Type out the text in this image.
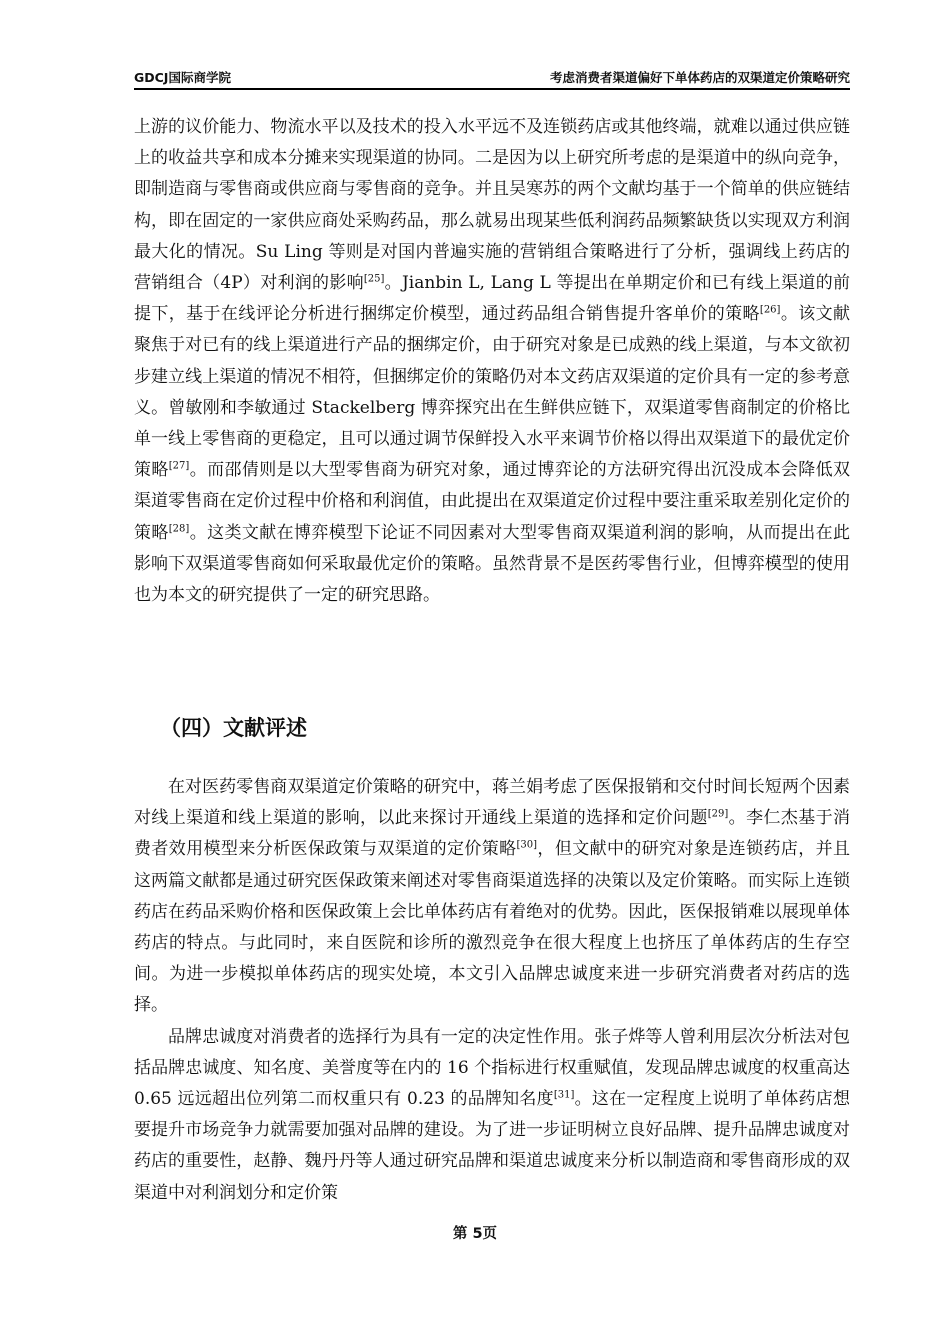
GDCJ国际商学院	考虑消费者渠道偏好下单体药店的双渠道定价策略研究

上游的议价能力、物流水平以及技术的投入水平远不及连锁药店或其他终端，就难以通过供应链上的收益共享和成本分摊来实现渠道的协同。二是因为以上研究所考虑的是渠道中的纵向竞争，即制造商与零售商或供应商与零售商的竞争。并且吴寒苏的两个文献均基于一个简单的供应链结构，即在固定的一家供应商处采购药品，那么就易出现某些低利润药品频繁缺货以实现双方利润最大化的情况。Su Ling 等则是对国内普遍实施的营销组合策略进行了分析，强调线上药店的营销组合（4P）对利润的影响[25]。Jianbin L, Lang L 等提出在单期定价和已有线上渠道的前提下，基于在线评论分析进行捆绑定价模型，通过药品组合销售提升客单价的策略[26]。该文献聚焦于对已有的线上渠道进行产品的捆绑定价，由于研究对象是已成熟的线上渠道，与本文欲初步建立线上渠道的情况不相符，但捆绑定价的策略仍对本文药店双渠道的定价具有一定的参考意义。曾敏刚和李敏通过 Stackelberg 博弈探究出在生鲜供应链下，双渠道零售商制定的价格比单一线上零售商的更稳定，且可以通过调节保鲜投入水平来调节价格以得出双渠道下的最优定价策略[27]。而邵倩则是以大型零售商为研究对象，通过博弈论的方法研究得出沉没成本会降低双渠道零售商在定价过程中价格和利润值，由此提出在双渠道定价过程中要注重采取差别化定价的策略[28]。这类文献在博弈模型下论证不同因素对大型零售商双渠道利润的影响，从而提出在此影响下双渠道零售商如何采取最优定价的策略。虽然背景不是医药零售行业，但博弈模型的使用也为本文的研究提供了一定的研究思路。

（四）文献评述

在对医药零售商双渠道定价策略的研究中，蒋兰娟考虑了医保报销和交付时间长短两个因素对线上渠道和线上渠道的影响，以此来探讨开通线上渠道的选择和定价问题[29]。李仁杰基于消费者效用模型来分析医保政策与双渠道的定价策略[30]，但文献中的研究对象是连锁药店，并且这两篇文献都是通过研究医保政策来阐述对零售商渠道选择的决策以及定价策略。而实际上连锁药店在药品采购价格和医保政策上会比单体药店有着绝对的优势。因此，医保报销难以展现单体药店的特点。与此同时，来自医院和诊所的激烈竞争在很大程度上也挤压了单体药店的生存空间。为进一步模拟单体药店的现实处境，本文引入品牌忠诚度来进一步研究消费者对药店的选择。

品牌忠诚度对消费者的选择行为具有一定的决定性作用。张子烨等人曾利用层次分析法对包括品牌忠诚度、知名度、美誉度等在内的 16 个指标进行权重赋值，发现品牌忠诚度的权重高达 0.65 远远超出位列第二而权重只有 0.23 的品牌知名度[31]。这在一定程度上说明了单体药店想要提升市场竞争力就需要加强对品牌的建设。为了进一步证明树立良好品牌、提升品牌忠诚度对药店的重要性，赵静、魏丹丹等人通过研究品牌和渠道忠诚度来分析以制造商和零售商形成的双渠道中对利润划分和定价策

第 5页
